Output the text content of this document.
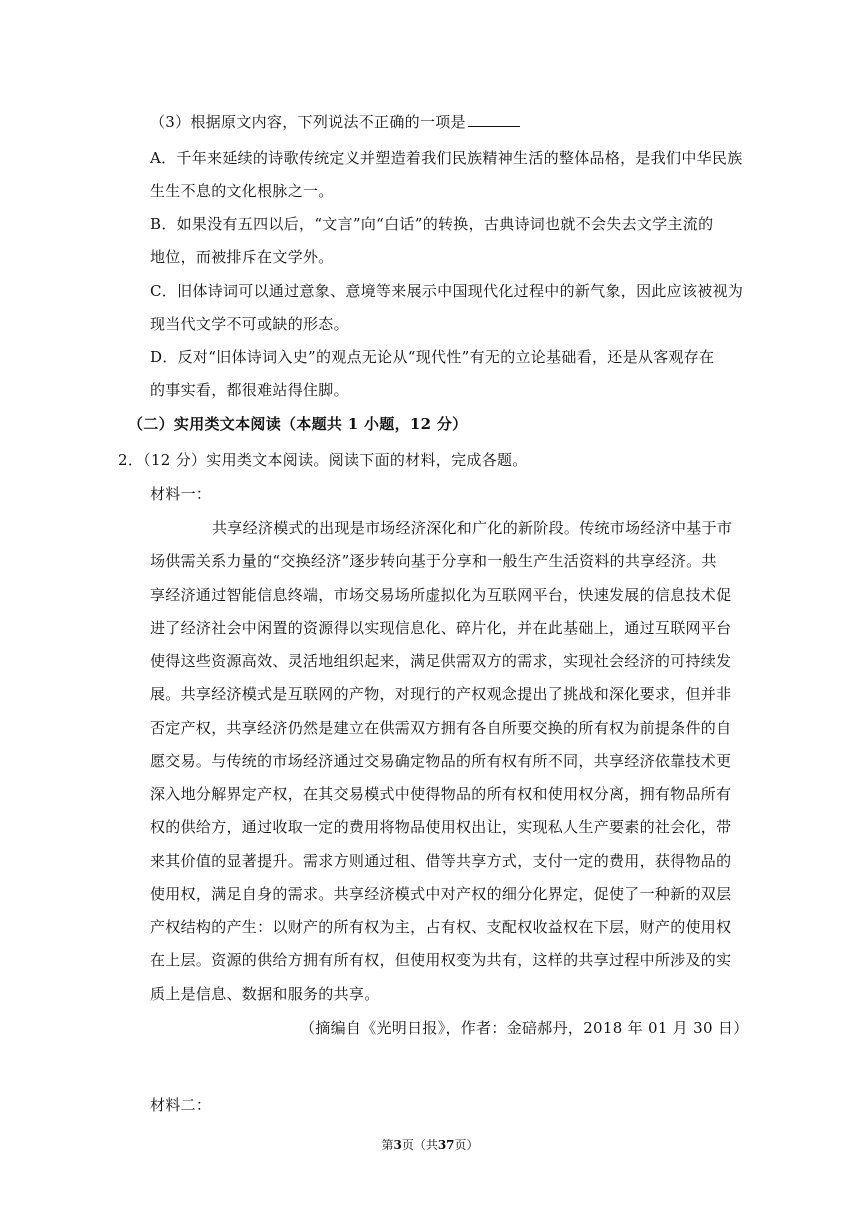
（3）根据原文内容，下列说法不正确的一项是
A．千年来延续的诗歌传统定义并塑造着我们民族精神生活的整体品格，是我们中华民族
生生不息的文化根脉之一。
B．如果没有五四以后，“文言”向“白话”的转换，古典诗词也就不会失去文学主流的
地位，而被排斥在文学外。
C．旧体诗词可以通过意象、意境等来展示中国现代化过程中的新气象，因此应该被视为
现当代文学不可或缺的形态。
D．反对“旧体诗词入史”的观点无论从“现代性”有无的立论基础看，还是从客观存在
的事实看，都很难站得住脚。
（二）实用类文本阅读（本题共 1 小题，12 分）
2．（12 分）实用类文本阅读。阅读下面的材料，完成各题。
材料一：
共享经济模式的出现是市场经济深化和广化的新阶段。传统市场经济中基于市
场供需关系力量的“交换经济”逐步转向基于分享和一般生产生活资料的共享经济。共
享经济通过智能信息终端，市场交易场所虚拟化为互联网平台，快速发展的信息技术促
进了经济社会中闲置的资源得以实现信息化、碎片化，并在此基础上，通过互联网平台
使得这些资源高效、灵活地组织起来，满足供需双方的需求，实现社会经济的可持续发
展。共享经济模式是互联网的产物，对现行的产权观念提出了挑战和深化要求，但并非
否定产权，共享经济仍然是建立在供需双方拥有各自所要交换的所有权为前提条件的自
愿交易。与传统的市场经济通过交易确定物品的所有权有所不同，共享经济依靠技术更
深入地分解界定产权，在其交易模式中使得物品的所有权和使用权分离，拥有物品所有
权的供给方，通过收取一定的费用将物品使用权出让，实现私人生产要素的社会化，带
来其价值的显著提升。需求方则通过租、借等共享方式，支付一定的费用，获得物品的
使用权，满足自身的需求。共享经济模式中对产权的细分化界定，促使了一种新的双层
产权结构的产生：以财产的所有权为主，占有权、支配权收益权在下层，财产的使用权
在上层。资源的供给方拥有所有权，但使用权变为共有，这样的共享过程中所涉及的实
质上是信息、数据和服务的共享。
（摘编自《光明日报》，作者：金碚郝丹，2018 年 01 月 30 日）
材料二：
第3页（共37页）
